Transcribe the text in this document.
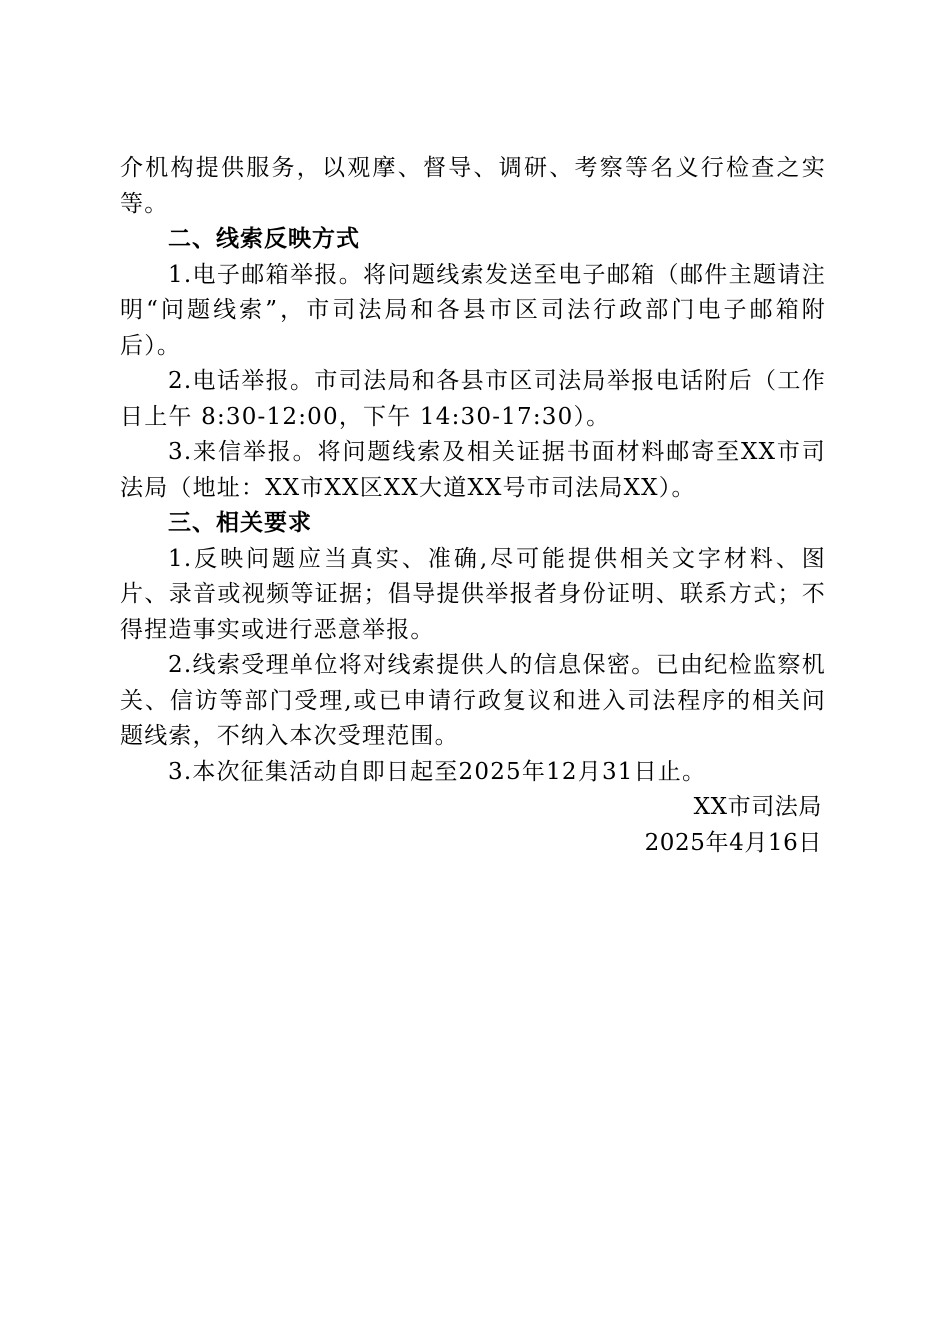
介机构提供服务，以观摩、督导、调研、考察等名义行检查之实等。

二、线索反映方式

1.电子邮箱举报。将问题线索发送至电子邮箱（邮件主题请注明“问题线索”，市司法局和各县市区司法行政部门电子邮箱附后）。

2.电话举报。市司法局和各县市区司法局举报电话附后（工作日上午 8:30-12:00，下午 14:30-17:30）。

3.来信举报。将问题线索及相关证据书面材料邮寄至XX市司法局（地址：XX市XX区XX大道XX号市司法局XX）。

三、相关要求

1.反映问题应当真实、准确,尽可能提供相关文字材料、图片、录音或视频等证据；倡导提供举报者身份证明、联系方式；不得捏造事实或进行恶意举报。

2.线索受理单位将对线索提供人的信息保密。已由纪检监察机关、信访等部门受理,或已申请行政复议和进入司法程序的相关问题线索，不纳入本次受理范围。

3.本次征集活动自即日起至2025年12月31日止。

XX市司法局

2025年4月16日
